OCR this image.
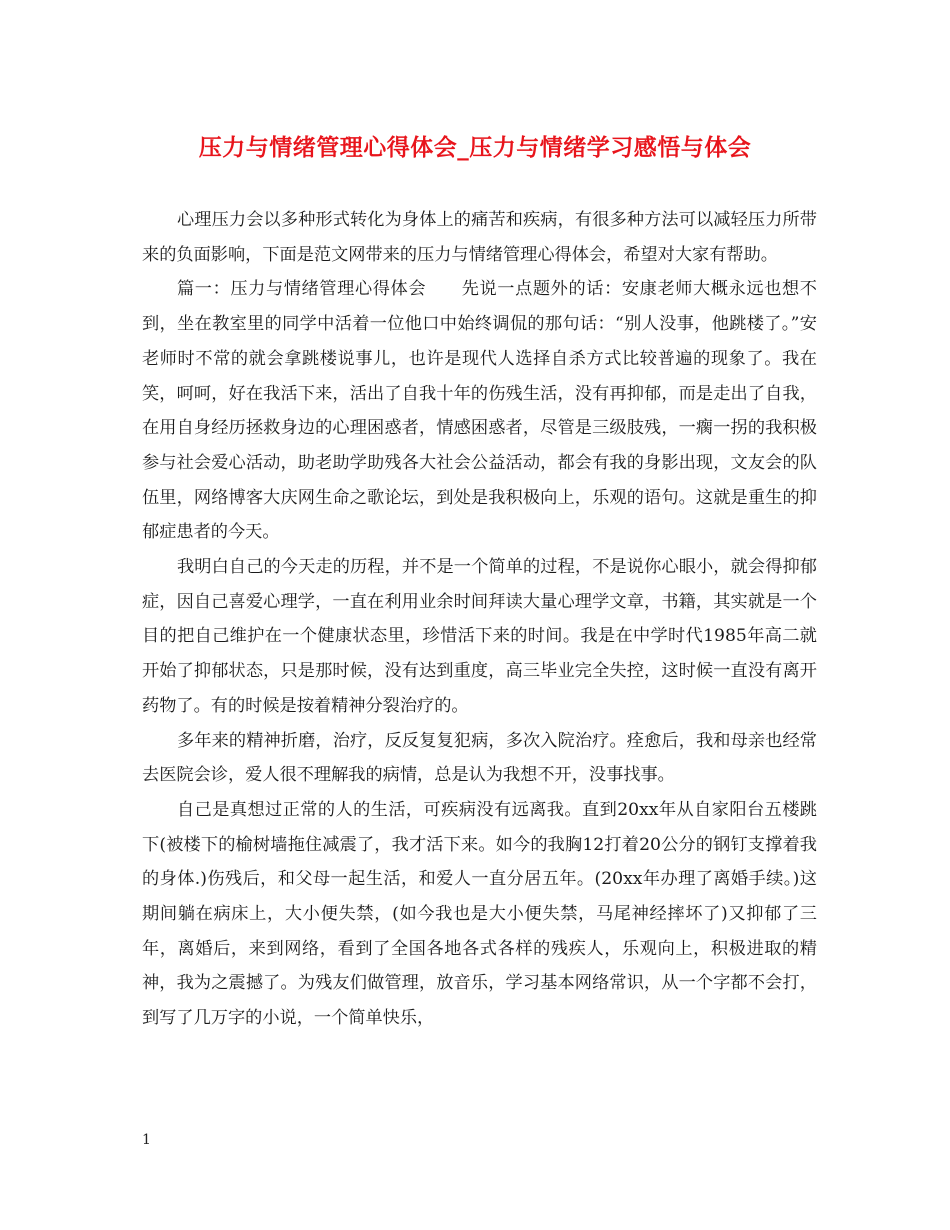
压力与情绪管理心得体会_压力与情绪学习感悟与体会

心理压力会以多种形式转化为身体上的痛苦和疾病，有很多种方法可以减轻压力所带来的负面影响，下面是范文网带来的压力与情绪管理心得体会，希望对大家有帮助。

篇一：压力与情绪管理心得体会　　先说一点题外的话：安康老师大概永远也想不到，坐在教室里的同学中活着一位他口中始终调侃的那句话：“别人没事，他跳楼了。”安老师时不常的就会拿跳楼说事儿，也许是现代人选择自杀方式比较普遍的现象了。我在笑，呵呵，好在我活下来，活出了自我十年的伤残生活，没有再抑郁，而是走出了自我，在用自身经历拯救身边的心理困惑者，情感困惑者，尽管是三级肢残，一瘸一拐的我积极参与社会爱心活动，助老助学助残各大社会公益活动，都会有我的身影出现，文友会的队伍里，网络博客大庆网生命之歌论坛，到处是我积极向上，乐观的语句。这就是重生的抑郁症患者的今天。

我明白自己的今天走的历程，并不是一个简单的过程，不是说你心眼小，就会得抑郁症，因自己喜爱心理学，一直在利用业余时间拜读大量心理学文章，书籍，其实就是一个目的把自己维护在一个健康状态里，珍惜活下来的时间。我是在中学时代1985年高二就开始了抑郁状态，只是那时候，没有达到重度，高三毕业完全失控，这时候一直没有离开药物了。有的时候是按着精神分裂治疗的。

多年来的精神折磨，治疗，反反复复犯病，多次入院治疗。痊愈后，我和母亲也经常去医院会诊，爱人很不理解我的病情，总是认为我想不开，没事找事。

自己是真想过正常的人的生活，可疾病没有远离我。直到20xx年从自家阳台五楼跳下(被楼下的榆树墙拖住减震了，我才活下来。如今的我胸12打着20公分的钢钉支撑着我的身体.)伤残后，和父母一起生活，和爱人一直分居五年。(20xx年办理了离婚手续。)这期间躺在病床上，大小便失禁，(如今我也是大小便失禁，马尾神经摔坏了)又抑郁了三年，离婚后，来到网络，看到了全国各地各式各样的残疾人，乐观向上，积极进取的精神，我为之震撼了。为残友们做管理，放音乐，学习基本网络常识，从一个字都不会打，到写了几万字的小说，一个简单快乐，

1
